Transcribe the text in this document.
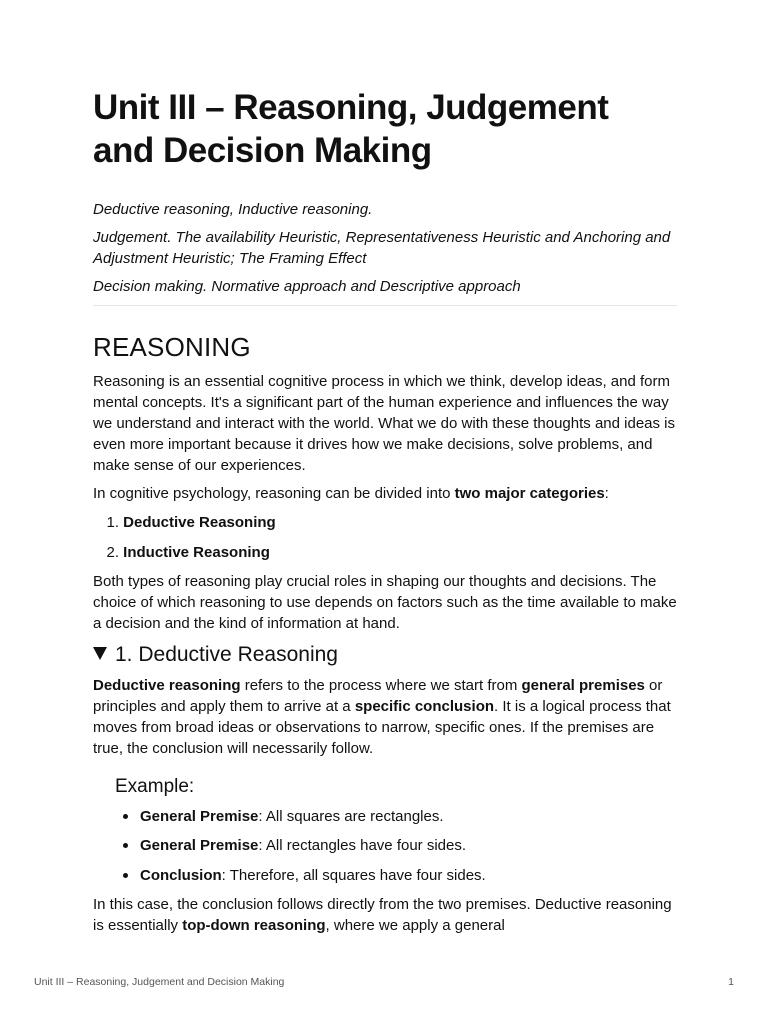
Unit III – Reasoning, Judgement and Decision Making

Deductive reasoning, Inductive reasoning.

Judgement. The availability Heuristic, Representativeness Heuristic and Anchoring and Adjustment Heuristic; The Framing Effect

Decision making. Normative approach and Descriptive approach

REASONING

Reasoning is an essential cognitive process in which we think, develop ideas, and form mental concepts. It's a significant part of the human experience and influences the way we understand and interact with the world. What we do with these thoughts and ideas is even more important because it drives how we make decisions, solve problems, and make sense of our experiences.

In cognitive psychology, reasoning can be divided into two major categories:

1. Deductive Reasoning
2. Inductive Reasoning

Both types of reasoning play crucial roles in shaping our thoughts and decisions. The choice of which reasoning to use depends on factors such as the time available to make a decision and the kind of information at hand.

1. Deductive Reasoning

Deductive reasoning refers to the process where we start from general premises or principles and apply them to arrive at a specific conclusion. It is a logical process that moves from broad ideas or observations to narrow, specific ones. If the premises are true, the conclusion will necessarily follow.

Example:
General Premise: All squares are rectangles.
General Premise: All rectangles have four sides.
Conclusion: Therefore, all squares have four sides.

In this case, the conclusion follows directly from the two premises. Deductive reasoning is essentially top-down reasoning, where we apply a general

Unit III – Reasoning, Judgement and Decision Making	1
